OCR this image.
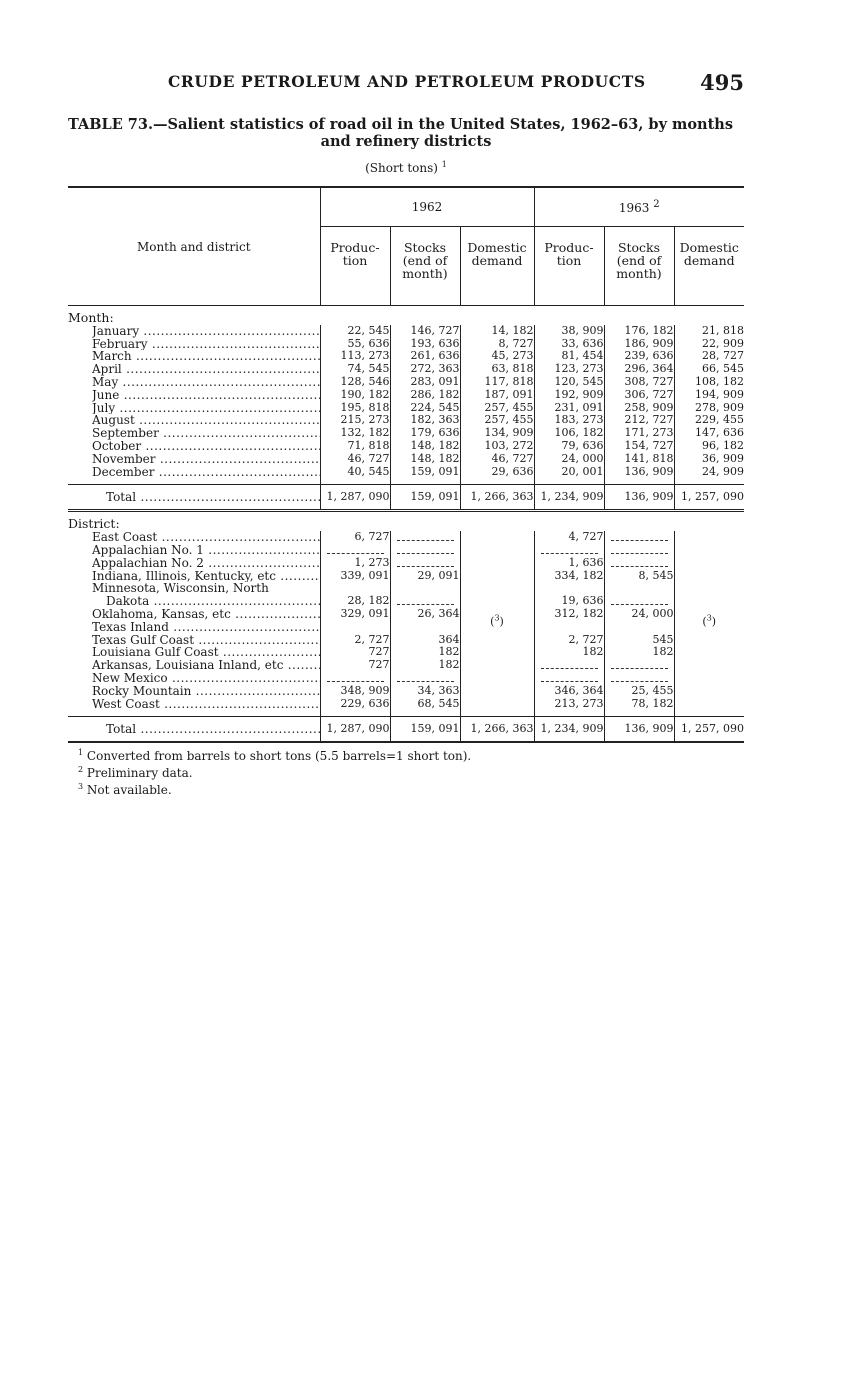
CRUDE PETROLEUM AND PETROLEUM PRODUCTS	495
TABLE 73.—Salient statistics of road oil in the United States, 1962–63, by months
and refinery districts
(Short tons) $^1$

Month and district	1962			1963 $^2$

	Produc-
tion	Stocks
(end of
month)	Domestic
demand	Produc-
tion	Stocks
(end of
month)	Domestic
demand

Month:						

January .....	22, 545	146, 727	14, 182	38, 909	176, 182	21, 818

February .....	55, 636	193, 636	8, 727	33, 636	186, 909	22, 909

March .....	113, 273	261, 636	45, 273	81, 454	239, 636	28, 727

April .....	74, 545	272, 363	63, 818	123, 273	296, 364	66, 545

May .....	128, 546	283, 091	117, 818	120, 545	308, 727	108, 182

June .....	190, 182	286, 182	187, 091	192, 909	306, 727	194, 909

July .....	195, 818	224, 545	257, 455	231, 091	258, 909	278, 909

August .....	215, 273	182, 363	257, 455	183, 273	212, 727	229, 455

September .....	132, 182	179, 636	134, 909	106, 182	171, 273	147, 636

October .....	71, 818	148, 182	103, 272	79, 636	154, 727	96, 182

November .....	46, 727	148, 182	46, 727	24, 000	141, 818	36, 909

December .....	40, 545	159, 091	29, 636	20, 001	136, 909	24, 909

Total .....	1, 287, 090	159, 091	1, 266, 363	1, 234, 909	136, 909	1, 257, 090
District:						

East Coast .....	6, 727		($^3$)	4, 727		($^3$)

Appalachian No. 1 .....

Appalachian No. 2 .....	1, 273			1, 636		

Indiana, Illinois, Kentucky, etc .....	339, 091	29, 091		334, 182	8, 545	

Minnesota, Wisconsin, North						

Dakota .....	28, 182			19, 636		

Oklahoma, Kansas, etc .....	329, 091	26, 364		312, 182	24, 000	

Texas Inland .....

Texas Gulf Coast .....	2, 727	364		2, 727	545	

Louisiana Gulf Coast .....	727	182		182	182	

Arkansas, Louisiana Inland, etc .....	727	182				

New Mexico .....

Rocky Mountain .....	348, 909	34, 363		346, 364	25, 455	

West Coast .....	229, 636	68, 545		213, 273	78, 182	

Total .....	1, 287, 090	159, 091	1, 266, 363	1, 234, 909	136, 909	1, 257, 090
$^1$ Converted from barrels to short tons (5.5 barrels=1 short ton).
$^2$ Preliminary data.
$^3$ Not available.
